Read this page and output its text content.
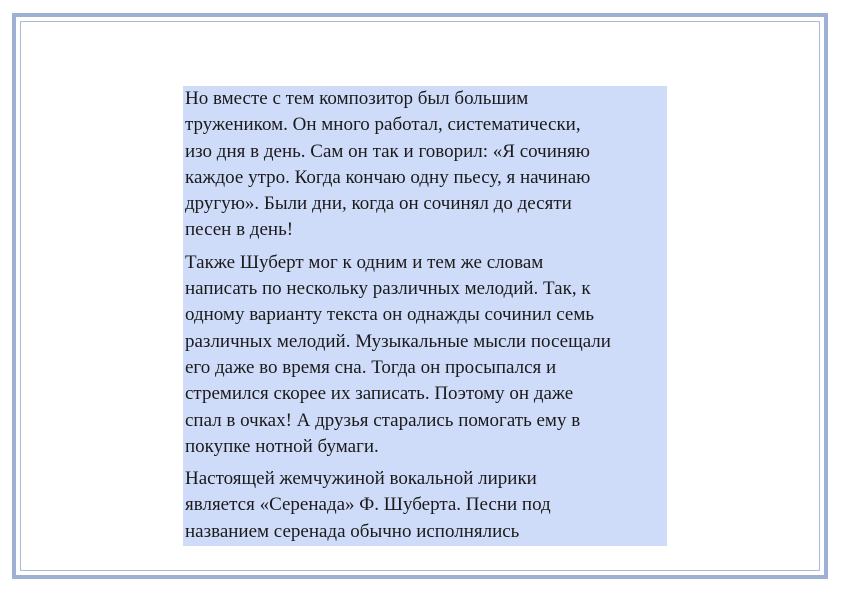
Но вместе с тем композитор был большим
тружеником. Он много работал, систематически,
изо дня в день. Сам он так и говорил: «Я сочиняю
каждое утро. Когда кончаю одну пьесу, я начинаю
другую». Были дни, когда он сочинял до десяти
песен в день!

Также Шуберт мог к одним и тем же словам
написать по нескольку различных мелодий. Так, к
одному варианту текста он однажды сочинил семь
различных мелодий. Музыкальные мысли посещали
его даже во время сна. Тогда он просыпался и
стремился скорее их записать. Поэтому он даже
спал в очках! А друзья старались помогать ему в
покупке нотной бумаги.

Настоящей жемчужиной вокальной лирики
является «Серенада» Ф. Шуберта. Песни под
названием серенада обычно исполнялись
